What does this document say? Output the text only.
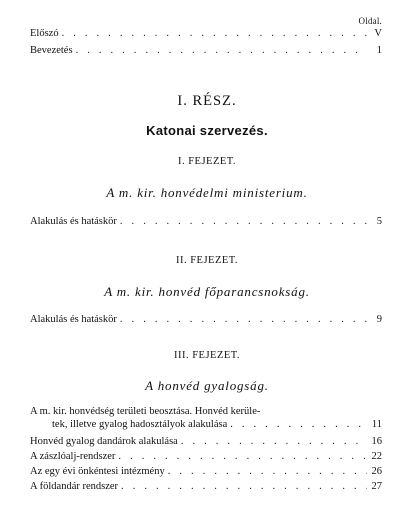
Oldal.
Előszó . . .	V
Bevezetés . . .	1
I. RÉSZ.
Katonai szervezés.
I. FEJEZET.
A m. kir. honvédelmi ministerium.
Alakulás és hatáskör . . .	5
II. FEJEZET.
A m. kir. honvéd főparancsnokság.
Alakulás és hatáskör . . .	9
III. FEJEZET.
A honvéd gyalogság.
A m. kir. honvédség területi beosztása. Honvéd kerüle-
tek, illetve gyalog hadosztályok alakulása . . .	11
Honvéd gyalog dandárok alakulása . . .	16
A zászlóalj-rendszer . . .	22
Az egy évi önkéntesi intézmény . . .	26
A földandár rendszer . . .	27
